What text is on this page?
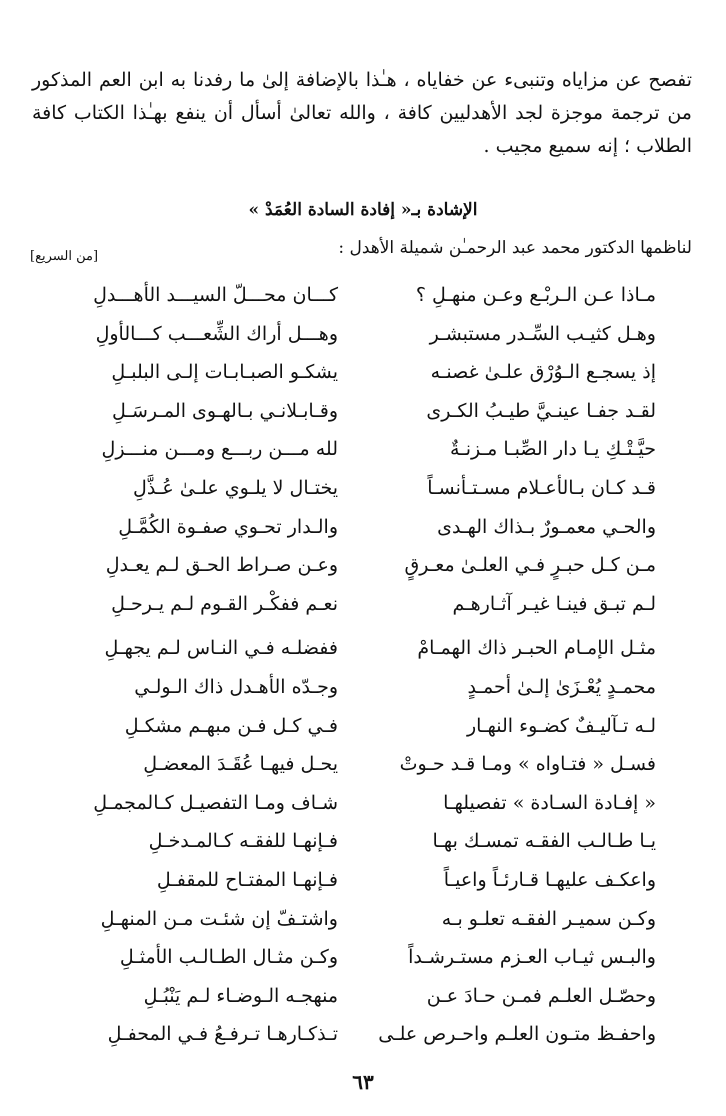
تفصح عن مزاياه وتنبىء عن خفاياه ، هـٰذا بالإضافة إلىٰ ما رفدنا به ابن العم المذكور من ترجمة موجزة لجد الأهدليين كافة ، والله تعالىٰ أسأل أن ينفع بهـٰذا الكتاب كافة الطلاب ؛ إنه سميع مجيب .

الإشادة بـ« إفادة السادة العُمَدْ »
لناظمها الدكتور محمد عبد الرحمـٰن شميلة الأهدل :
[من السريع]
مـاذا عـن الـربْـع وعـن منهـلِ ؟
كـــان محـــلّ السيـــد الأهـــدلِ
وهـل كثيـب السِّـدر مستبشـر
وهـــل أراك الشِّعـــب كـــالأولِ
إذ يسجـع الـوُرْق علـىٰ غصنـه
يشكـو الصبـابـات إلـى البلبـلِ
لقـد جفـا عينـيَّ طيـبُ الكـرى
وقـابـلانـي بـالهـوى المـرسَـلِ
حيَّـتْـكِ يـا دار الصِّبـا مـزنـةٌ
لله مـــن ربـــع ومـــن منـــزلِ
قـد كـان بـالأعـلام مسـتـأنسـاً
يختـال لا يلـوي علـىٰ عُـذَّلِ
والحـي معمـورٌ بـذاك الهـدى
والـدار تحـوي صفـوة الكُمَّـلِ
مـن كـل حبـرٍ فـي العلـىٰ معـرقٍ
وعـن صـراط الحـق لـم يعـدلِ
لـم تبـق فينـا غيـر آثـارهـم
نعـم ففكْـر القـوم لـم يـرحـلِ
مثـل الإمـام الحبـر ذاك الهمـامْ
ففضلـه فـي النـاس لـم يجهـلِ
محمـدٍ يُعْـزَىٰ إلـىٰ أحمـدٍ
وجـدّه الأهـدل ذاك الـولـي
لـه تـآليـفٌ كضـوء النهـار
فـي كـل فـن مبهـم مشكـلِ
فسـل « فتـاواه » ومـا قـد حـوتْ
يحـل فيهـا عُقَـدَ المعضـلِ
« إفـادة السـادة » تفصيلهـا
شـاف ومـا التفصيـل كـالمجمـلِ
يـا طـالـب الفقـه تمسـك بهـا
فـإنهـا للفقـه كـالمـدخـلِ
واعكـف عليهـا قـارئـاً واعيـاً
فـإنهـا المفتـاح للمقفـلِ
وكـن سميـر الفقـه تعلـو بـه
واشتـفّ إن شئـت مـن المنهـلِ
والبـس ثيـاب العـزم مستـرشـداً
وكـن مثـال الطـالـب الأمثـلِ
وحصّـل العلـم فمـن حـادَ عـن
منهجـه الـوضـاء لـم يَنْبُـلِ
واحفـظ متـون العلـم واحـرص علـى
تـذكـارهـا تـرفـعُ فـي المحفـلِ
٦٣
